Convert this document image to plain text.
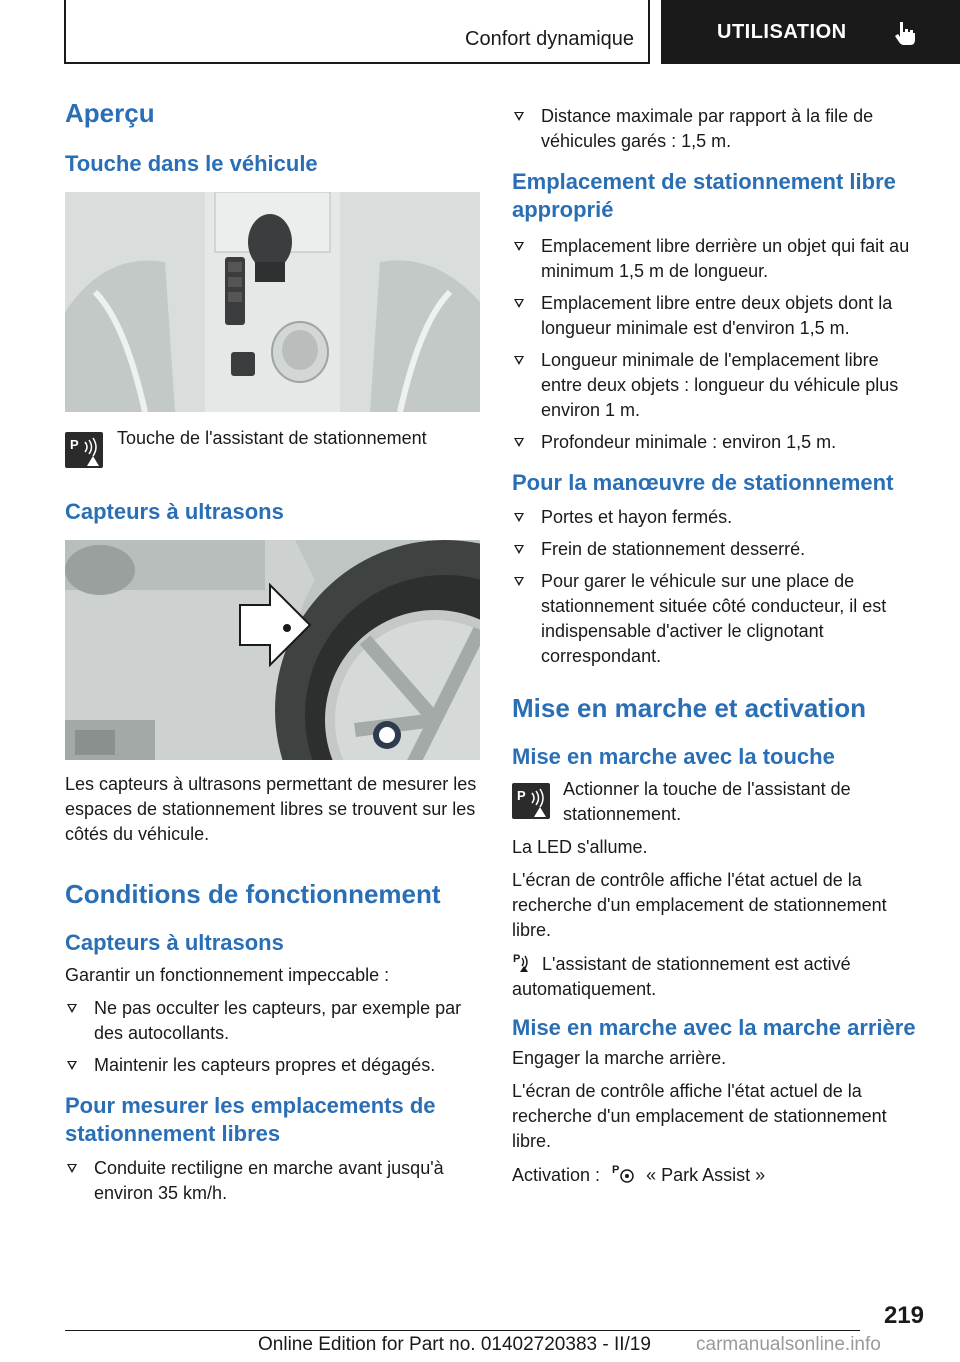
Confort dynamique	UTILISATION
Aperçu
Touche dans le véhicule
P Touche de l'assistant de stationnement

Capteurs à ultrasons

Les capteurs à ultrasons permettant de mesurer les espaces de stationnement libres se trouvent sur les côtés du véhicule.

Conditions de fonctionnement
Capteurs à ultrasons

Garantir un fonctionnement impeccable :

Ne pas occulter les capteurs, par exemple par des autocollants.
Maintenir les capteurs propres et dégagés.
Pour mesurer les emplacements de stationnement libres
Conduite rectiligne en marche avant jusqu'à environ 35 km/h.
Distance maximale par rapport à la file de véhicules garés : 1,5 m.
Emplacement de stationnement libre approprié
Emplacement libre derrière un objet qui fait au minimum 1,5 m de longueur.
Emplacement libre entre deux objets dont la longueur minimale est d'environ 1,5 m.
Longueur minimale de l'emplacement libre entre deux objets : longueur du véhicule plus environ 1 m.
Profondeur minimale : environ 1,5 m.
Pour la manœuvre de stationnement
Portes et hayon fermés.
Frein de stationnement desserré.
Pour garer le véhicule sur une place de stationnement située côté conducteur, il est indispensable d'activer le clignotant correspondant.
Mise en marche et activation
Mise en marche avec la touche
P Actionner la touche de l'assistant de stationnement.

La LED s'allume.

L'écran de contrôle affiche l'état actuel de la recherche d'un emplacement de stationnement libre.

P L'assistant de stationnement est activé automatiquement.

Mise en marche avec la marche arrière

Engager la marche arrière.

L'écran de contrôle affiche l'état actuel de la recherche d'un emplacement de stationnement libre.

Activation : P « Park Assist »

219
Online Edition for Part no. 01402720383 - II/19 carmanualsonline.info
